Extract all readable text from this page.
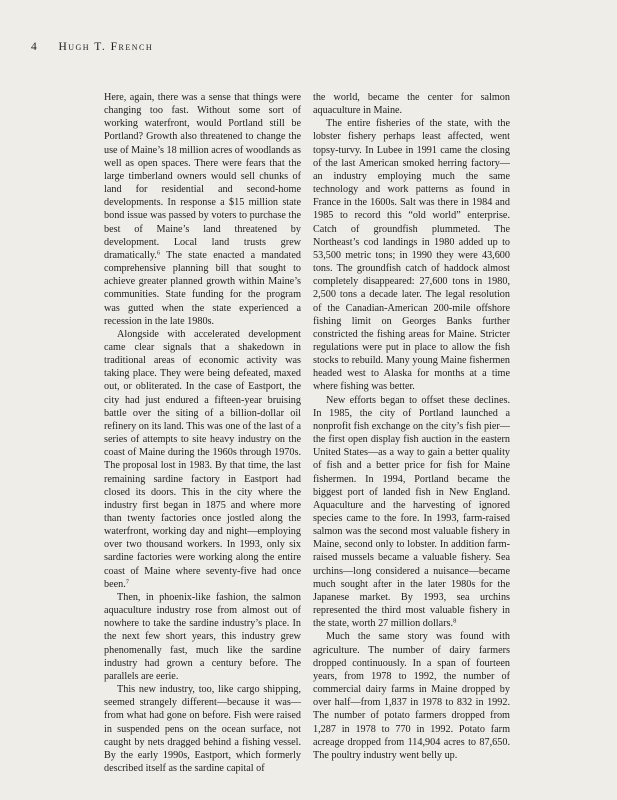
4 Hugh T. French

Here, again, there was a sense that things were changing too fast. Without some sort of working waterfront, would Portland still be Portland? Growth also threatened to change the use of Maine’s 18 million acres of woodlands as well as open spaces. There were fears that the large timberland owners would sell chunks of land for residential and second-home developments. In response a $15 million state bond issue was passed by voters to purchase the best of Maine’s land threatened by development. Local land trusts grew dramatically.$^6$ The state enacted a mandated comprehensive planning bill that sought to achieve greater planned growth within Maine’s communities. State funding for the program was gutted when the state experienced a recession in the late 1980s.

Alongside with accelerated development came clear signals that a shakedown in traditional areas of economic activity was taking place. They were being defeated, maxed out, or obliterated. In the case of Eastport, the city had just endured a fifteen-year bruising battle over the siting of a billion-dollar oil refinery on its land. This was one of the last of a series of attempts to site heavy industry on the coast of Maine during the 1960s through 1970s. The proposal lost in 1983. By that time, the last remaining sardine factory in Eastport had closed its doors. This in the city where the industry first began in 1875 and where more than twenty factories once jostled along the waterfront, working day and night—employing over two thousand workers. In 1993, only six sardine factories were working along the entire coast of Maine where seventy-five had once been.$^7$

Then, in phoenix-like fashion, the salmon aquaculture industry rose from almost out of nowhere to take the sardine industry’s place. In the next few short years, this industry grew phenomenally fast, much like the sardine industry had grown a century before. The parallels are eerie.

This new industry, too, like cargo shipping, seemed strangely different—because it was—from what had gone on before. Fish were raised in suspended pens on the ocean surface, not caught by nets dragged behind a fishing vessel. By the early 1990s, Eastport, which formerly described itself as the sardine capital of

the world, became the center for salmon aquaculture in Maine.

The entire fisheries of the state, with the lobster fishery perhaps least affected, went topsy-turvy. In Lubee in 1991 came the closing of the last American smoked herring factory—an industry employing much the same technology and work patterns as found in France in the 1600s. Salt was there in 1984 and 1985 to record this “old world” enterprise. Catch of groundfish plummeted. The Northeast’s cod landings in 1980 added up to 53,500 metric tons; in 1990 they were 43,600 tons. The groundfish catch of haddock almost completely disappeared: 27,600 tons in 1980, 2,500 tons a decade later. The legal resolution of the Canadian-American 200-mile offshore fishing limit on Georges Banks further constricted the fishing areas for Maine. Stricter regulations were put in place to allow the fish stocks to rebuild. Many young Maine fishermen headed west to Alaska for months at a time where fishing was better.

New efforts began to offset these declines. In 1985, the city of Portland launched a nonprofit fish exchange on the city’s fish pier—the first open display fish auction in the eastern United States—as a way to gain a better quality of fish and a better price for fish for Maine fishermen. In 1994, Portland became the biggest port of landed fish in New England. Aquaculture and the harvesting of ignored species came to the fore. In 1993, farm-raised salmon was the second most valuable fishery in Maine, second only to lobster. In addition farm-raised mussels became a valuable fishery. Sea urchins—long considered a nuisance—became much sought after in the later 1980s for the Japanese market. By 1993, sea urchins represented the third most valuable fishery in the state, worth 27 million dollars.$^8$

Much the same story was found with agriculture. The number of dairy farmers dropped continuously. In a span of fourteen years, from 1978 to 1992, the number of commercial dairy farms in Maine dropped by over half—from 1,837 in 1978 to 832 in 1992. The number of potato farmers dropped from 1,287 in 1978 to 770 in 1992. Potato farm acreage dropped from 114,904 acres to 87,650. The poultry industry went belly up.
